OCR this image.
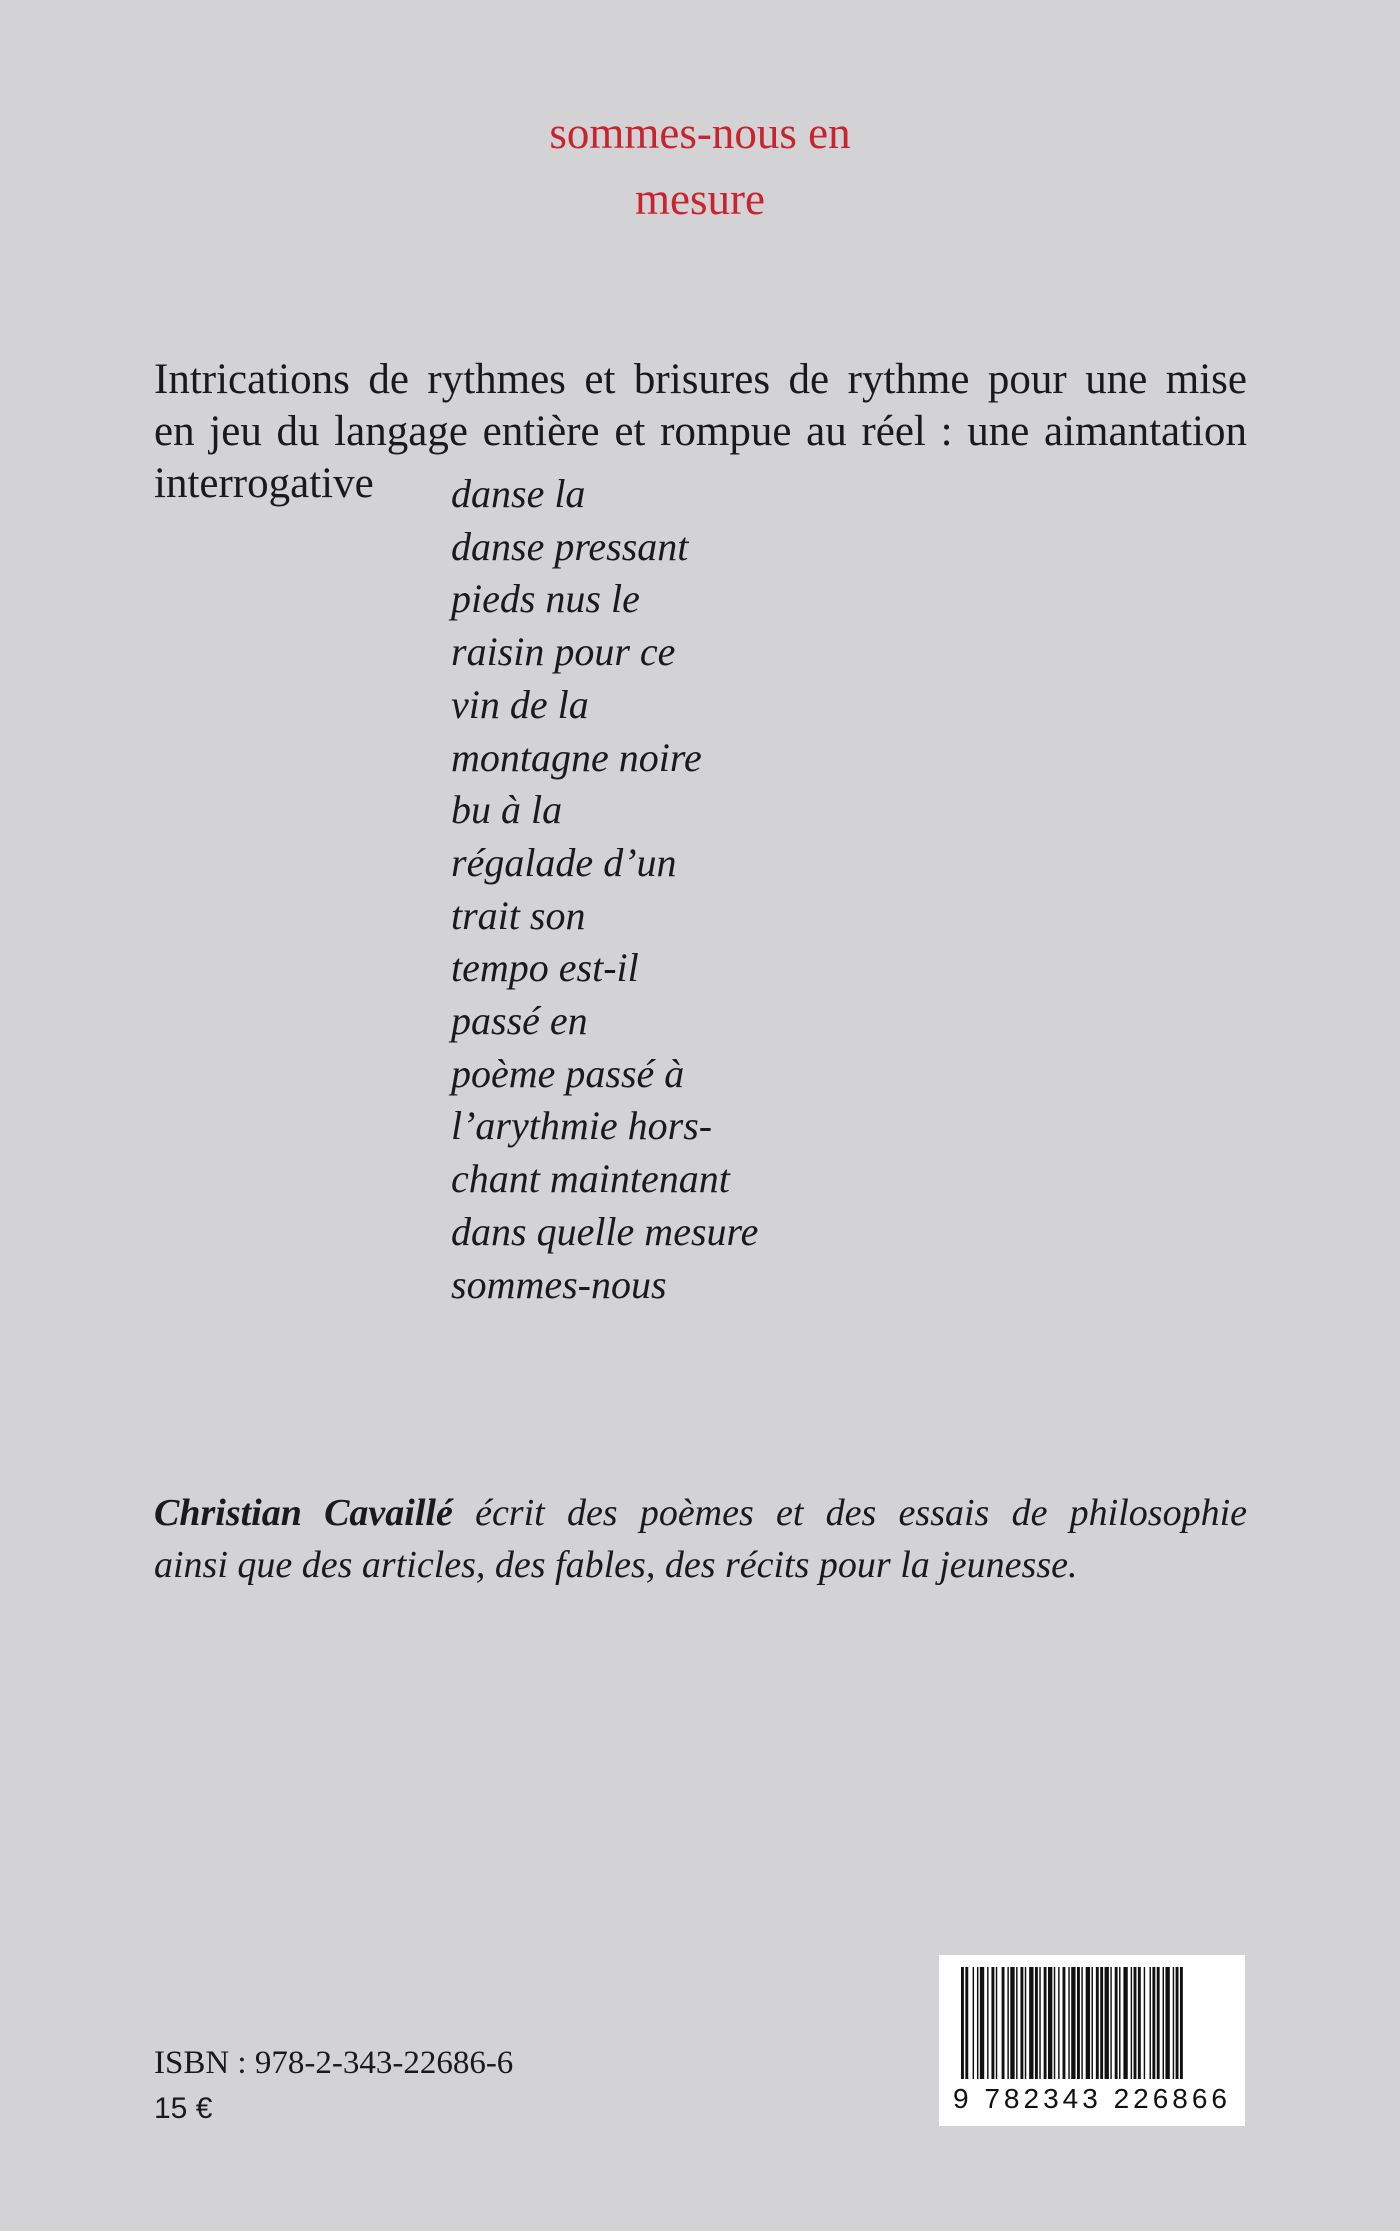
sommes-nous en
mesure
Intrications de rythmes et brisures de rythme pour une mise
en jeu du langage entière et rompue au réel : une aimantation
interrogative	danse la
danse pressant
pieds nus le
raisin pour ce
vin de la
montagne noire
bu à la
régalade d’un
trait son
tempo est-il
passé en
poème passé à
l’arythmie hors-
chant maintenant
dans quelle mesure
sommes-nous
Christian Cavaillé écrit des poèmes et des essais de philosophie
ainsi que des articles, des fables, des récits pour la jeunesse.
ISBN : 978-2-343-22686-6
15 €	9 782343 226866
